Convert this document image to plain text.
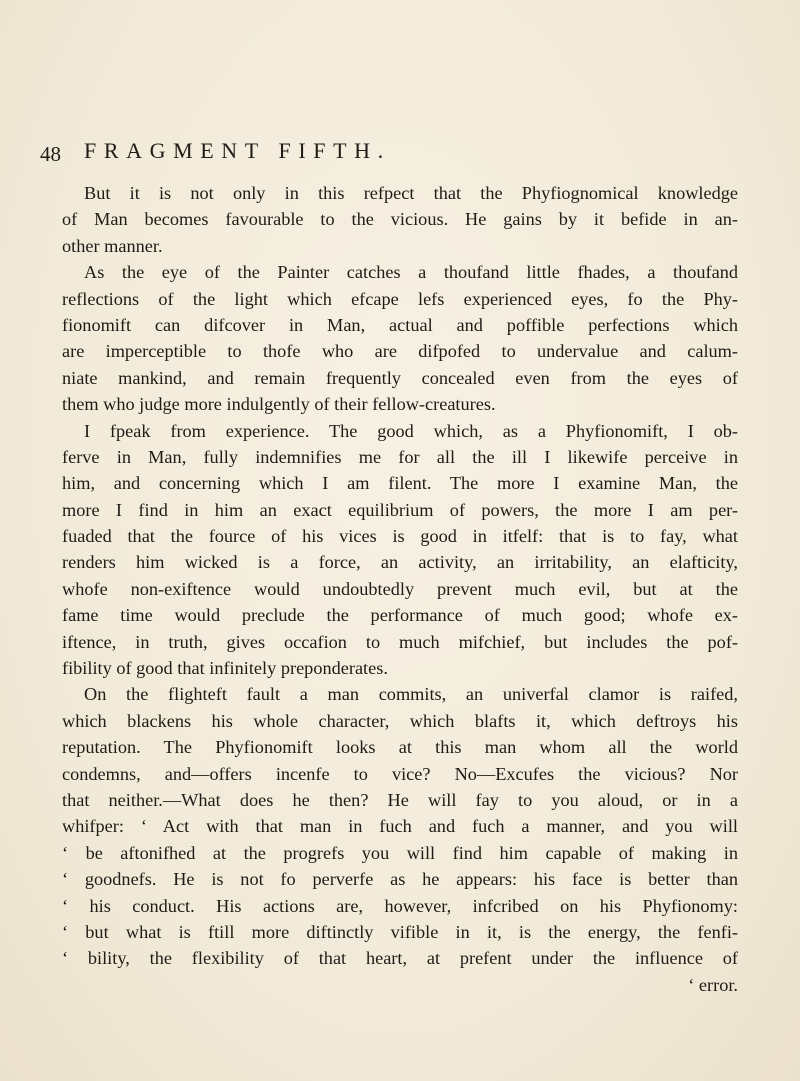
48 FRAGMENT FIFTH.
But it is not only in this refpect that the Phyfiognomical knowledge
of Man becomes favourable to the vicious. He gains by it befide in an-
other manner.
As the eye of the Painter catches a thoufand little fhades, a thoufand
reflections of the light which efcape lefs experienced eyes, fo the Phy-
fionomift can difcover in Man, actual and poffible perfections which
are imperceptible to thofe who are difpofed to undervalue and calum-
niate mankind, and remain frequently concealed even from the eyes of
them who judge more indulgently of their fellow-creatures.
I fpeak from experience. The good which, as a Phyfionomift, I ob-
ferve in Man, fully indemnifies me for all the ill I likewife perceive in
him, and concerning which I am filent. The more I examine Man, the
more I find in him an exact equilibrium of powers, the more I am per-
fuaded that the fource of his vices is good in itfelf: that is to fay, what
renders him wicked is a force, an activity, an irritability, an elafticity,
whofe non-exiftence would undoubtedly prevent much evil, but at the
fame time would preclude the performance of much good; whofe ex-
iftence, in truth, gives occafion to much mifchief, but includes the pof-
fibility of good that infinitely preponderates.
On the flighteft fault a man commits, an univerfal clamor is raifed,
which blackens his whole character, which blafts it, which deftroys his
reputation. The Phyfionomift looks at this man whom all the world
condemns, and—offers incenfe to vice? No—Excufes the vicious? Nor
that neither.—What does he then? He will fay to you aloud, or in a
whifper: ‘ Act with that man in fuch and fuch a manner, and you will
‘ be aftonifhed at the progrefs you will find him capable of making in
‘ goodnefs. He is not fo perverfe as he appears: his face is better than
‘ his conduct. His actions are, however, infcribed on his Phyfionomy:
‘ but what is ftill more diftinctly vifible in it, is the energy, the fenfi-
‘ bility, the flexibility of that heart, at prefent under the influence of
‘ error.
